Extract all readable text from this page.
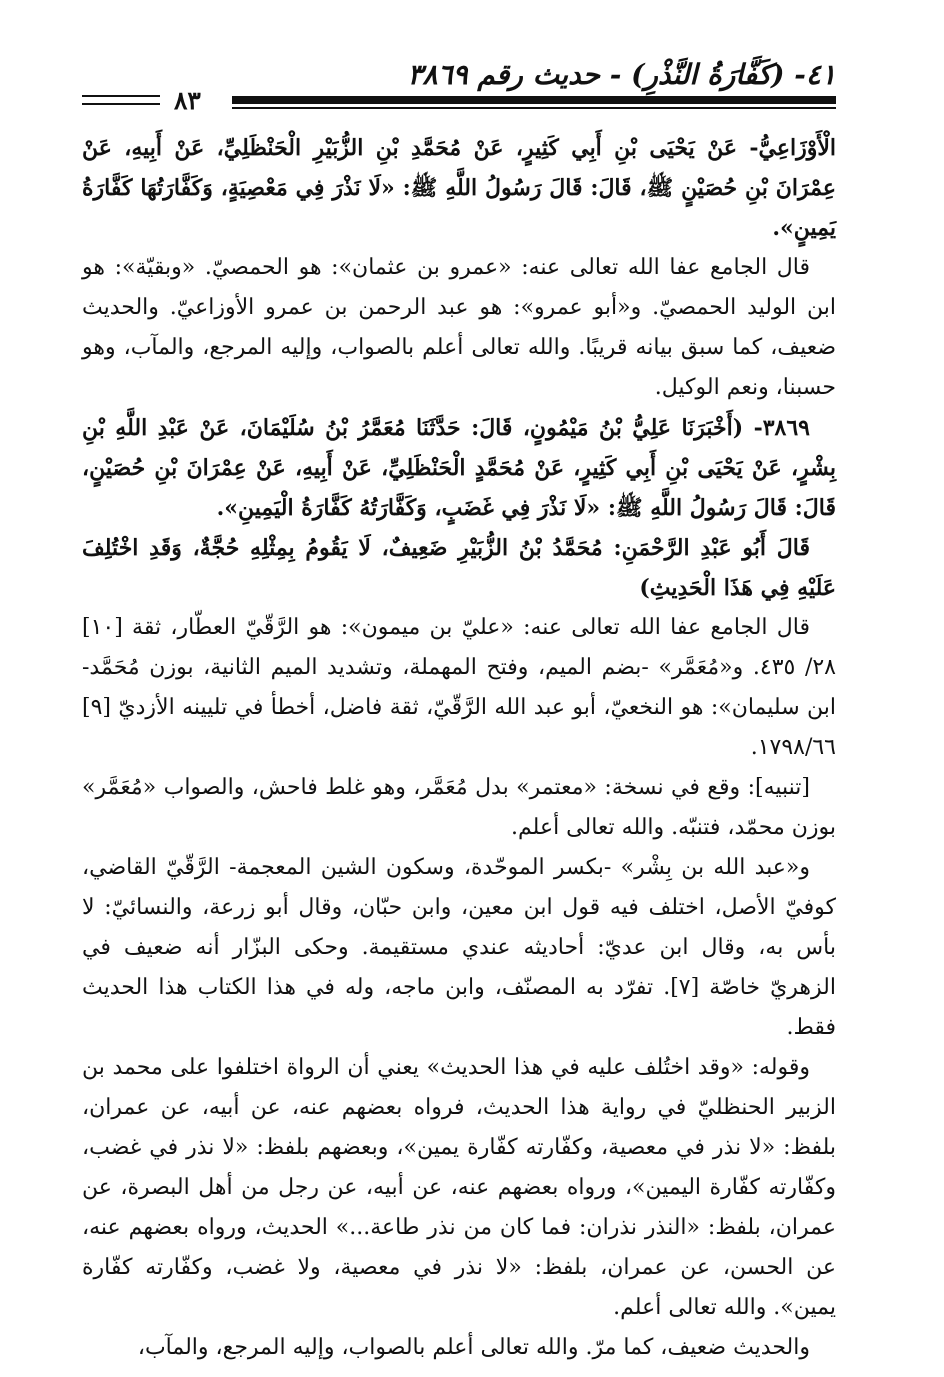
٤١- (كَفَّارَةُ النَّذْرِ) - حديث رقم ٣٨٦٩
٨٣

الْأَوْزَاعِيُّ- عَنْ يَحْيَى بْنِ أَبِي كَثِيرٍ، عَنْ مُحَمَّدِ بْنِ الزُّبَيْرِ الْحَنْظَلِيِّ، عَنْ أَبِيهِ، عَنْ عِمْرَانَ بْنِ حُصَيْنٍ ﷺ، قَالَ: قَالَ رَسُولُ اللَّهِ ﷺ: «لَا نَذْرَ فِي مَعْصِيَةٍ، وَكَفَّارَتُهَا كَفَّارَةُ يَمِينٍ».

قال الجامع عفا الله تعالى عنه: «عمرو بن عثمان»: هو الحمصيّ. «وبقيّة»: هو ابن الوليد الحمصيّ. و«أبو عمرو»: هو عبد الرحمن بن عمرو الأوزاعيّ. والحديث ضعيف، كما سبق بيانه قريبًا. والله تعالى أعلم بالصواب، وإليه المرجع، والمآب، وهو حسبنا، ونعم الوكيل.

٣٨٦٩- (أَخْبَرَنَا عَلِيُّ بْنُ مَيْمُونٍ، قَالَ: حَدَّثَنَا مُعَمَّرُ بْنُ سُلَيْمَانَ، عَنْ عَبْدِ اللَّهِ بْنِ بِشْرٍ، عَنْ يَحْيَى بْنِ أَبِي كَثِيرٍ، عَنْ مُحَمَّدٍ الْحَنْظَلِيِّ، عَنْ أَبِيهِ، عَنْ عِمْرَانَ بْنِ حُصَيْنٍ، قَالَ: قَالَ رَسُولُ اللَّهِ ﷺ: «لَا نَذْرَ فِي غَضَبٍ، وَكَفَّارَتُهُ كَفَّارَةُ الْيَمِينِ».

قَالَ أَبُو عَبْدِ الرَّحْمَنِ: مُحَمَّدُ بْنُ الزُّبَيْرِ ضَعِيفٌ، لَا يَقُومُ بِمِثْلِهِ حُجَّةٌ، وَقَدِ اخْتُلِفَ عَلَيْهِ فِي هَذَا الْحَدِيثِ)

قال الجامع عفا الله تعالى عنه: «عليّ بن ميمون»: هو الرَّقّيّ العطّار، ثقة [١٠] ٢٨/ ٤٣٥. و«مُعَمَّر» -بضم الميم، وفتح المهملة، وتشديد الميم الثانية، بوزن مُحَمَّد- ابن سليمان»: هو النخعيّ، أبو عبد الله الرَّقّيّ، ثقة فاضل، أخطأ في تليينه الأزديّ [٩] ١٧٩٨/٦٦.

[تنبيه]: وقع في نسخة: «معتمر» بدل مُعَمَّر، وهو غلط فاحش، والصواب «مُعَمَّر» بوزن محمّد، فتنبّه. والله تعالى أعلم.

و«عبد الله بن بِشْر» -بكسر الموحّدة، وسكون الشين المعجمة- الرَّقّيّ القاضي، كوفيّ الأصل، اختلف فيه قول ابن معين، وابن حبّان، وقال أبو زرعة، والنسائيّ: لا بأس به، وقال ابن عديّ: أحاديثه عندي مستقيمة. وحكى البزّار أنه ضعيف في الزهريّ خاصّة [٧]. تفرّد به المصنّف، وابن ماجه، وله في هذا الكتاب هذا الحديث فقط.

وقوله: «وقد اختُلف عليه في هذا الحديث» يعني أن الرواة اختلفوا على محمد بن الزبير الحنظليّ في رواية هذا الحديث، فرواه بعضهم عنه، عن أبيه، عن عمران، بلفظ: «لا نذر في معصية، وكفّارته كفّارة يمين»، وبعضهم بلفظ: «لا نذر في غضب، وكفّارته كفّارة اليمين»، ورواه بعضهم عنه، عن أبيه، عن رجل من أهل البصرة، عن عمران، بلفظ: «النذر نذران: فما كان من نذر طاعة...» الحديث، ورواه بعضهم عنه، عن الحسن، عن عمران، بلفظ: «لا نذر في معصية، ولا غضب، وكفّارته كفّارة يمين». والله تعالى أعلم.

والحديث ضعيف، كما مرّ. والله تعالى أعلم بالصواب، وإليه المرجع، والمآب،
